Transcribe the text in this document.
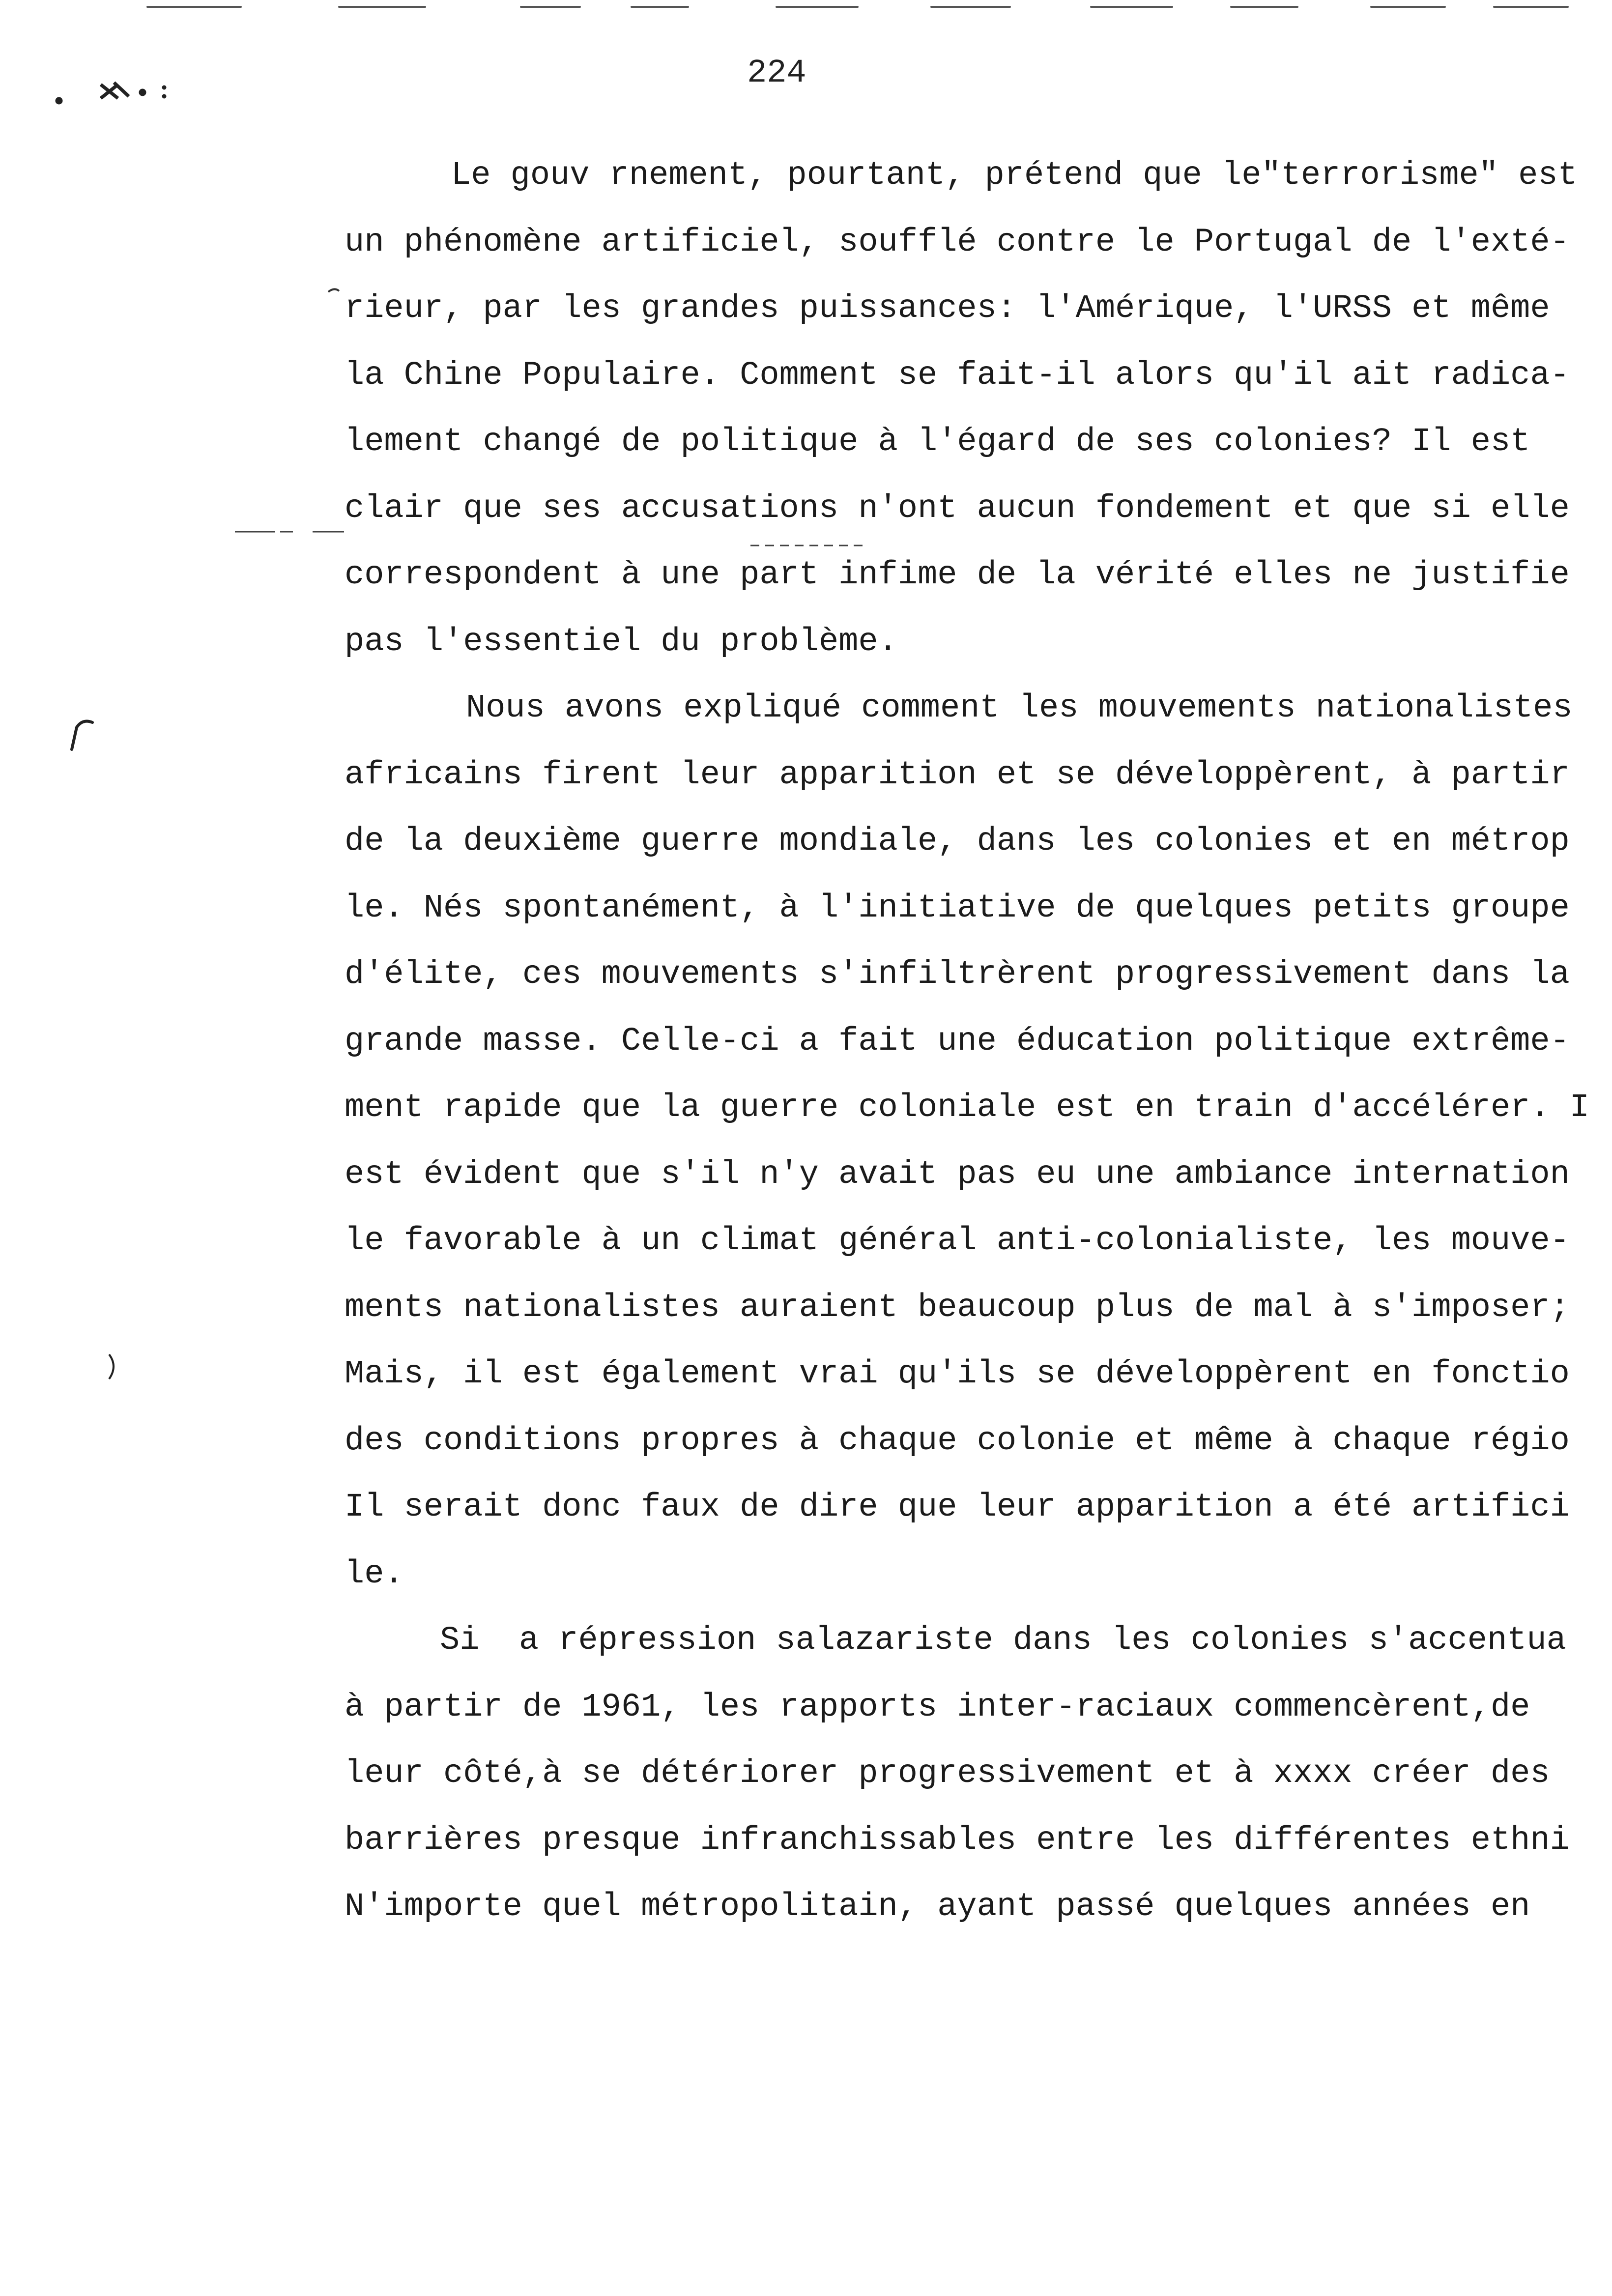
224
Le gouv rnement, pourtant, prétend que le"terrorisme" est
un phénomène artificiel, soufflé contre le Portugal de l'exté-
rieur, par les grandes puissances: l'Amérique, l'URSS et même
la Chine Populaire. Comment se fait-il alors qu'il ait radica-
lement changé de politique à l'égard de ses colonies? Il est
clair que ses accusations n'ont aucun fondement et que si elle
correspondent à une part infime de la vérité elles ne justifie
pas l'essentiel du problème.
Nous avons expliqué comment les mouvements nationalistes
africains firent leur apparition et se développèrent, à partir
de la deuxième guerre mondiale, dans les colonies et en métrop
le. Nés spontanément, à l'initiative de quelques petits groupe
d'élite, ces mouvements s'infiltrèrent progressivement dans la
grande masse. Celle-ci a fait une éducation politique extrême-
ment rapide que la guerre coloniale est en train d'accélérer. I
est évident que s'il n'y avait pas eu une ambiance internation
le favorable à un climat général anti-colonialiste, les mouve-
ments nationalistes auraient beaucoup plus de mal à s'imposer;
Mais, il est également vrai qu'ils se développèrent en fonctio
des conditions propres à chaque colonie et même à chaque régio
Il serait donc faux de dire que leur apparition a été artifici
le.
Si  a répression salazariste dans les colonies s'accentua
à partir de 1961, les rapports inter-raciaux commencèrent,de
leur côté,à se détériorer progressivement et à xxxx créer des
barrières presque infranchissables entre les différentes ethni
N'importe quel métropolitain, ayant passé quelques années en
